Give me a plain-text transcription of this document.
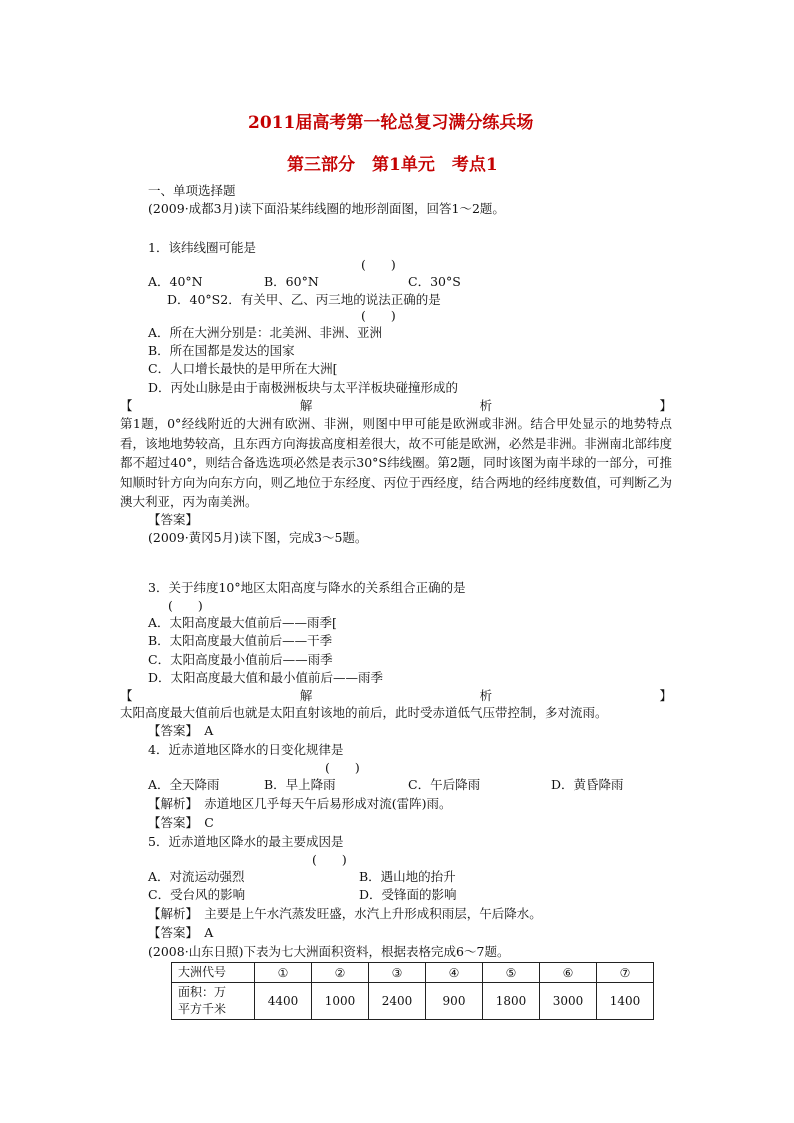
2011届高考第一轮总复习满分练兵场
第三部分　第1单元　考点1
一、单项选择题
(2009·成都3月)读下面沿某纬线圈的地形剖面图，回答1～2题。
1．该纬线圈可能是
(　　)
A．40°N	B．60°N	C．30°S
D．40°S2．有关甲、乙、丙三地的说法正确的是
(　　)
A．所在大洲分别是：北美洲、非洲、亚洲
B．所在国都是发达的国家
C．人口增长最快的是甲所在大洲[
D．丙处山脉是由于南极洲板块与太平洋板块碰撞形成的
【	解	析	】
第1题，0°经线附近的大洲有欧洲、非洲，则图中甲可能是欧洲或非洲。结合甲处显示的地势特点看，该地地势较高，且东西方向海拔高度相差很大，故不可能是欧洲，必然是非洲。非洲南北部纬度都不超过40°，则结合备选选项必然是表示30°S纬线圈。第2题，同时该图为南半球的一部分，可推知顺时针方向为向东方向，则乙地位于东经度、丙位于西经度，结合两地的经纬度数值，可判断乙为澳大利亚，丙为南美洲。
【答案】
(2009·黄冈5月)读下图，完成3～5题。
3．关于纬度10°地区太阳高度与降水的关系组合正确的是
(　　)
A．太阳高度最大值前后——雨季[
B．太阳高度最大值前后——干季
C．太阳高度最小值前后——雨季
D．太阳高度最大值和最小值前后——雨季
【	解	析	】
太阳高度最大值前后也就是太阳直射该地的前后，此时受赤道低气压带控制，多对流雨。
【答案】　A
4．近赤道地区降水的日变化规律是
(　　)
A．全天降雨	B．早上降雨	C．午后降雨	D．黄昏降雨
【解析】　赤道地区几乎每天午后易形成对流(雷阵)雨。
【答案】　C
5．近赤道地区降水的最主要成因是
(　　)
A．对流运动强烈	B．遇山地的抬升
C．受台风的影响	D．受锋面的影响
【解析】　主要是上午水汽蒸发旺盛，水汽上升形成积雨层，午后降水。
【答案】　A
(2008·山东日照)下表为七大洲面积资料，根据表格完成6～7题。
大洲代号	①	②	③	④	⑤	⑥	⑦
面积：万
平方千米	4400	1000	2400	900	1800	3000	1400
